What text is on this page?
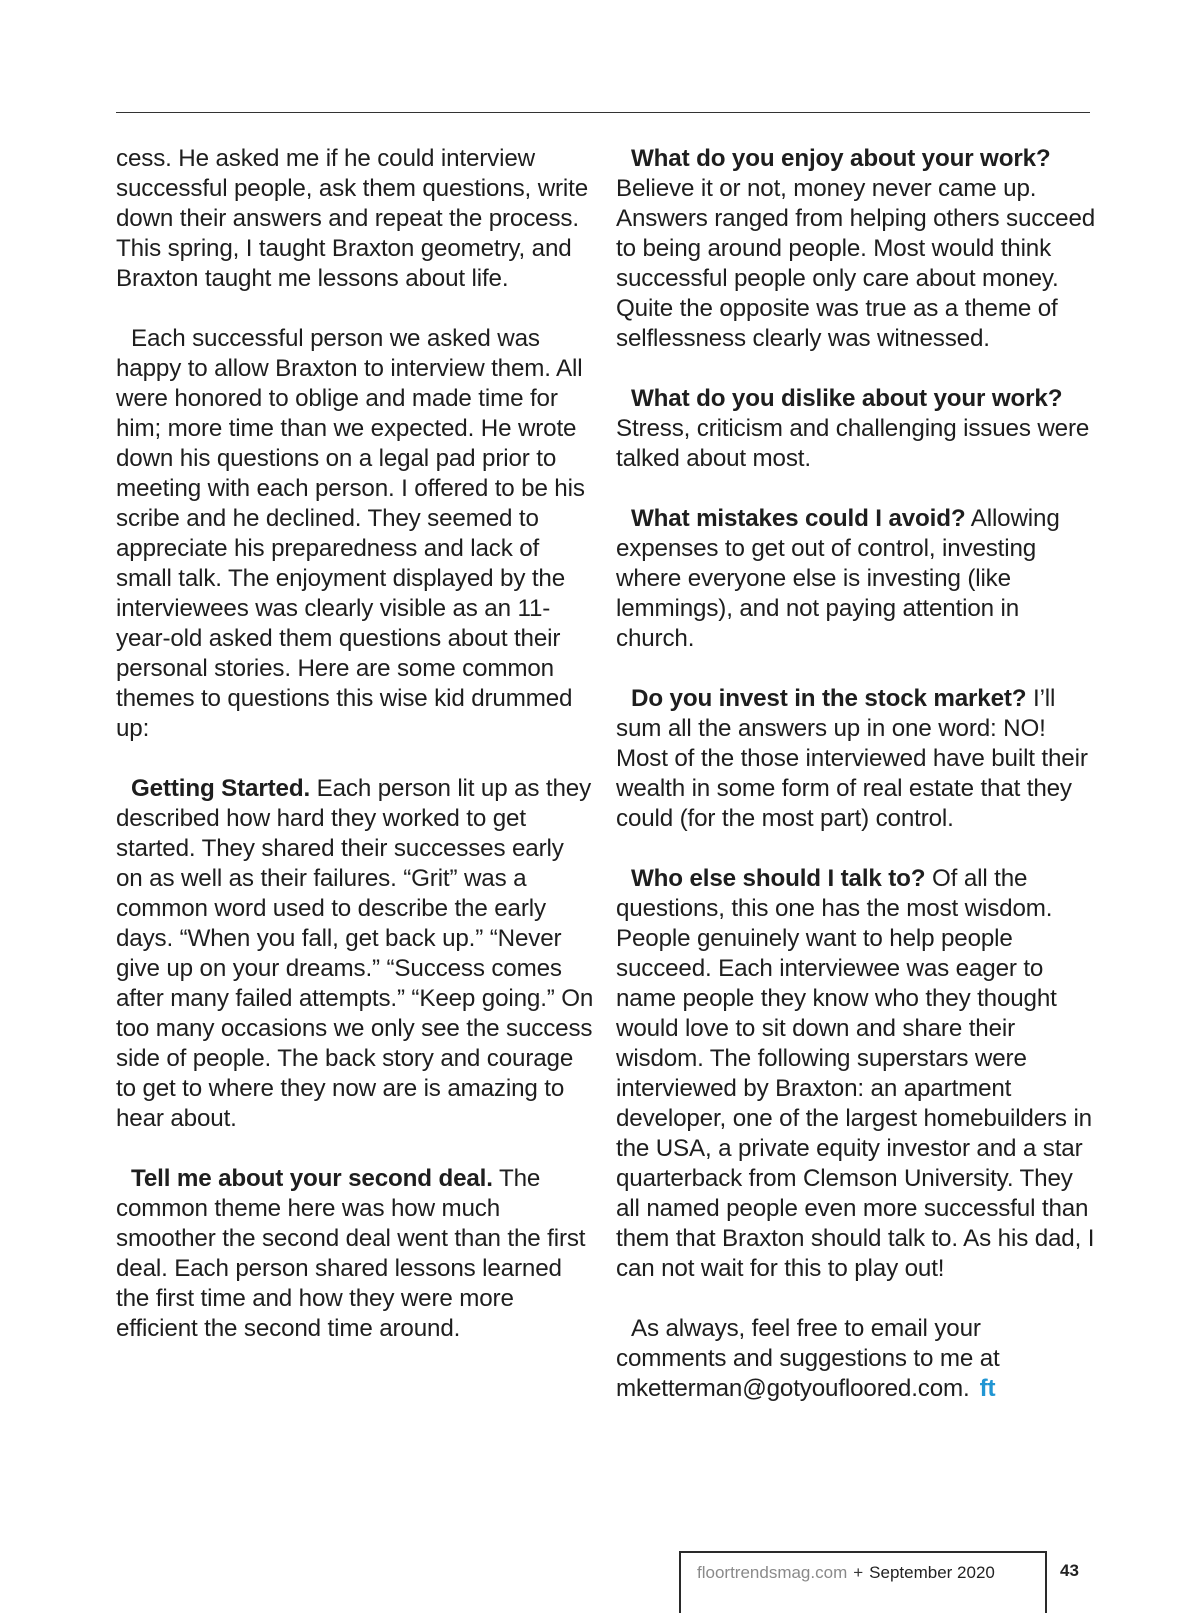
cess. He asked me if he could interview successful people, ask them questions, write down their answers and repeat the process. This spring, I taught Braxton geometry, and Braxton taught me lessons about life.

Each successful person we asked was happy to allow Braxton to interview them. All were honored to oblige and made time for him; more time than we expected. He wrote down his questions on a legal pad prior to meeting with each person. I offered to be his scribe and he declined. They seemed to appreciate his preparedness and lack of small talk. The enjoyment displayed by the interviewees was clearly visible as an 11-year-old asked them questions about their personal stories. Here are some common themes to questions this wise kid drummed up:

Getting Started. Each person lit up as they described how hard they worked to get started. They shared their successes early on as well as their failures. “Grit” was a common word used to describe the early days. “When you fall, get back up.” “Never give up on your dreams.” “Success comes after many failed attempts.” “Keep going.” On too many occasions we only see the success side of people. The back story and courage to get to where they now are is amazing to hear about.

Tell me about your second deal. The common theme here was how much smoother the second deal went than the first deal. Each person shared lessons learned the first time and how they were more efficient the second time around.

What do you enjoy about your work? Believe it or not, money never came up. Answers ranged from helping others succeed to being around people. Most would think successful people only care about money. Quite the opposite was true as a theme of selflessness clearly was witnessed.

What do you dislike about your work? Stress, criticism and challenging issues were talked about most.

What mistakes could I avoid? Allowing expenses to get out of control, investing where everyone else is investing (like lemmings), and not paying attention in church.

Do you invest in the stock market? I’ll sum all the answers up in one word: NO! Most of the those interviewed have built their wealth in some form of real estate that they could (for the most part) control.

Who else should I talk to? Of all the questions, this one has the most wisdom. People genuinely want to help people succeed. Each interviewee was eager to name people they know who they thought would love to sit down and share their wisdom. The following superstars were interviewed by Braxton: an apartment developer, one of the largest homebuilders in the USA, a private equity investor and a star quarterback from Clemson University. They all named people even more successful than them that Braxton should talk to. As his dad, I can not wait for this to play out!

As always, feel free to email your comments and suggestions to me at mketterman@gotyoufloored.com. ft

floortrendsmag.com + September 2020	43
